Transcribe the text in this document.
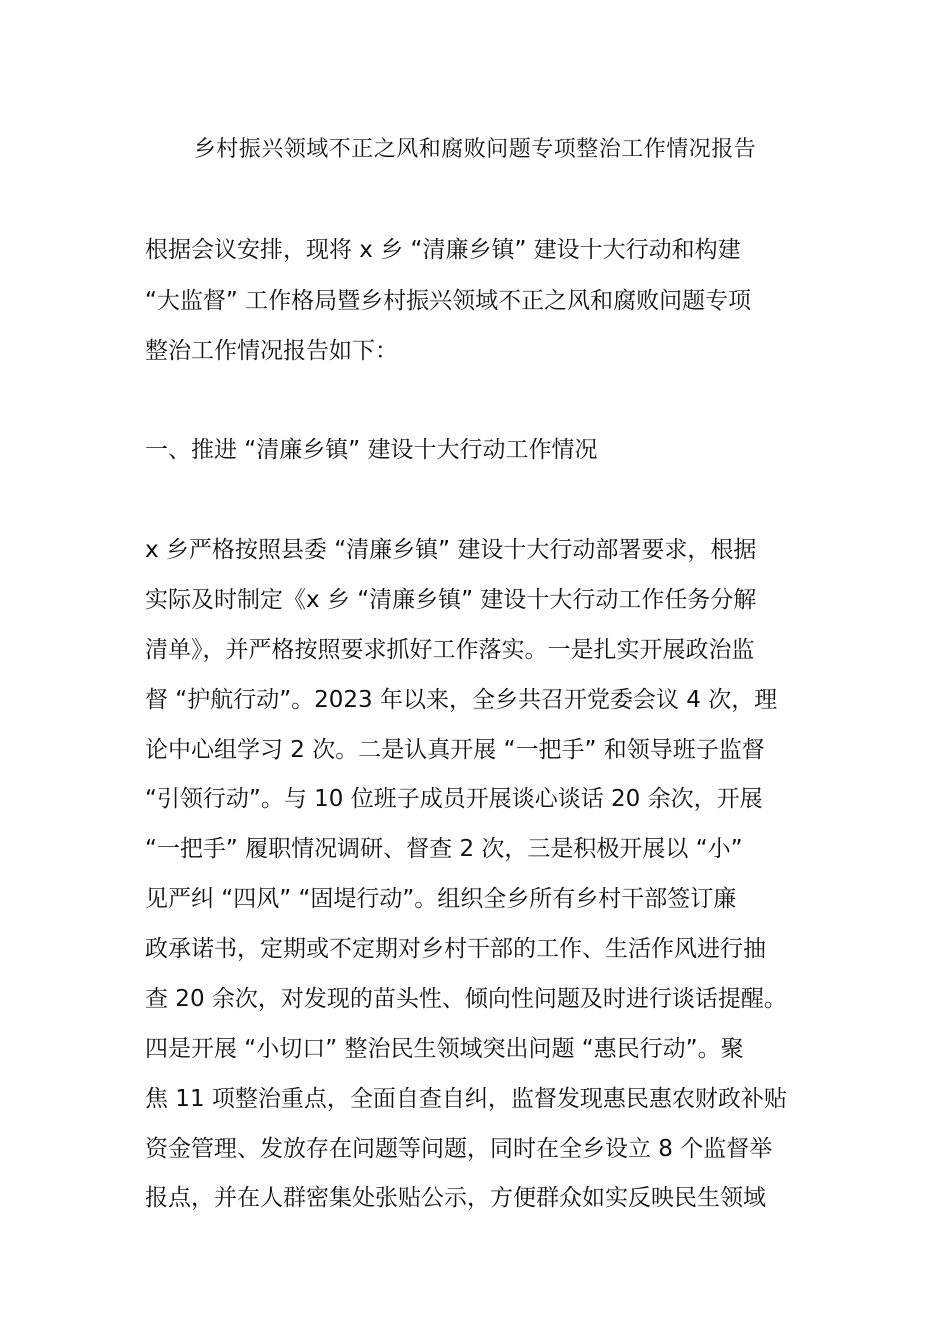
乡村振兴领域不正之风和腐败问题专项整治工作情况报告
根据会议安排，现将 x 乡 “清廉乡镇” 建设十大行动和构建
“大监督” 工作格局暨乡村振兴领域不正之风和腐败问题专项
整治工作情况报告如下：
一、推进 “清廉乡镇” 建设十大行动工作情况
x 乡严格按照县委 “清廉乡镇” 建设十大行动部署要求，根据
实际及时制定《x 乡 “清廉乡镇” 建设十大行动工作任务分解
清单》，并严格按照要求抓好工作落实。一是扎实开展政治监
督 “护航行动”。2023 年以来，全乡共召开党委会议 4 次，理
论中心组学习 2 次。二是认真开展 “一把手” 和领导班子监督
“引领行动”。与 10 位班子成员开展谈心谈话 20 余次，开展
“一把手” 履职情况调研、督查 2 次，三是积极开展以 “小”
见严纠 “四风” “固堤行动”。组织全乡所有乡村干部签订廉
政承诺书，定期或不定期对乡村干部的工作、生活作风进行抽
查 20 余次，对发现的苗头性、倾向性问题及时进行谈话提醒。
四是开展 “小切口” 整治民生领域突出问题 “惠民行动”。聚
焦 11 项整治重点，全面自查自纠，监督发现惠民惠农财政补贴
资金管理、发放存在问题等问题，同时在全乡设立 8 个监督举
报点，并在人群密集处张贴公示，方便群众如实反映民生领域
